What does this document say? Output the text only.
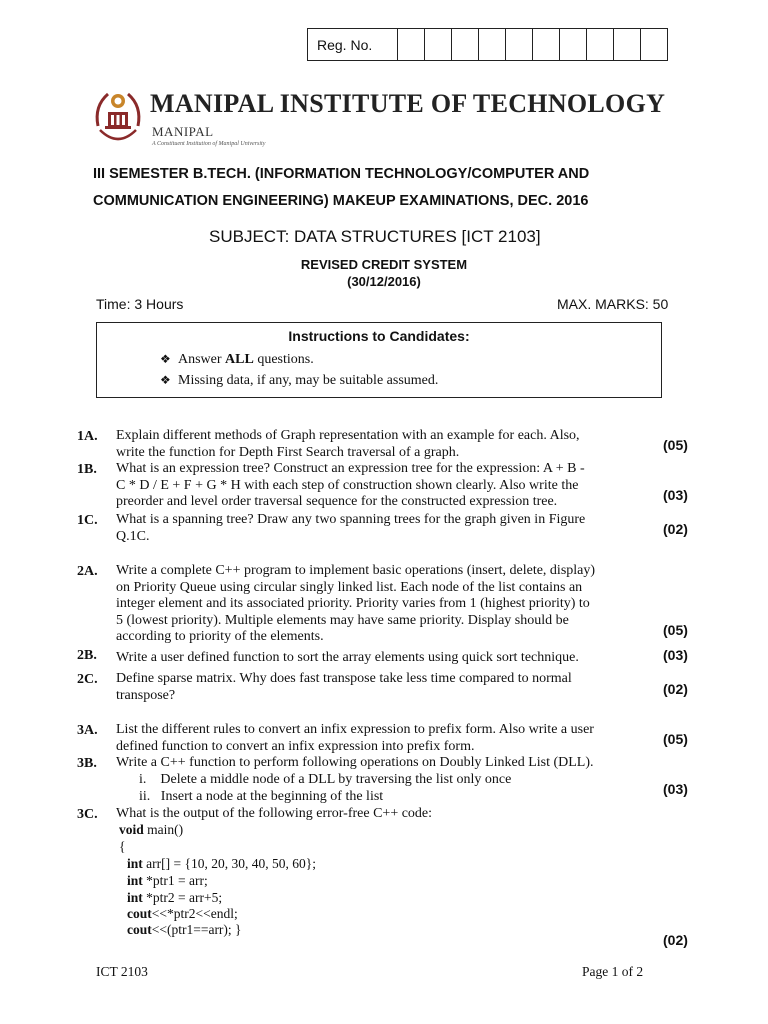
Reg. No.
MANIPAL INSTITUTE OF TECHNOLOGY
MANIPAL
A Constituent Institution of Manipal University
III SEMESTER B.TECH. (INFORMATION TECHNOLOGY/COMPUTER AND
COMMUNICATION ENGINEERING) MAKEUP EXAMINATIONS, DEC. 2016
SUBJECT: DATA STRUCTURES [ICT 2103]
REVISED CREDIT SYSTEM
(30/12/2016)
Time: 3 Hours	MAX. MARKS: 50
Instructions to Candidates:
❖ Answer ALL questions.
❖ Missing data, if any, may be suitable assumed.
1A. Explain different methods of Graph representation with an example for each. Also,
write the function for Depth First Search traversal of a graph.	(05)
1B. What is an expression tree? Construct an expression tree for the expression: A + B -
C * D / E + F + G * H with each step of construction shown clearly. Also write the
preorder and level order traversal sequence for the constructed expression tree.	(03)
1C. What is a spanning tree? Draw any two spanning trees for the graph given in Figure
Q.1C.	(02)
2A. Write a complete C++ program to implement basic operations (insert, delete, display)
on Priority Queue using circular singly linked list. Each node of the list contains an
integer element and its associated priority. Priority varies from 1 (highest priority) to
5 (lowest priority). Multiple elements may have same priority. Display should be
according to priority of the elements.	(05)
2B. Write a user defined function to sort the array elements using quick sort technique.	(03)
2C. Define sparse matrix. Why does fast transpose take less time compared to normal
transpose?	(02)
3A. List the different rules to convert an infix expression to prefix form. Also write a user
defined function to convert an infix expression into prefix form.	(05)
3B. Write a C++ function to perform following operations on Doubly Linked List (DLL).
i.    Delete a middle node of a DLL by traversing the list only once
ii.   Insert a node at the beginning of the list	(03)
3C. What is the output of the following error-free C++ code:
void main()
{
int arr[] = {10, 20, 30, 40, 50, 60};
int *ptr1 = arr;
int *ptr2 = arr+5;
cout<<*ptr2<<endl;
cout<<(ptr1==arr); }
(02)
ICT 2103	Page 1 of 2
